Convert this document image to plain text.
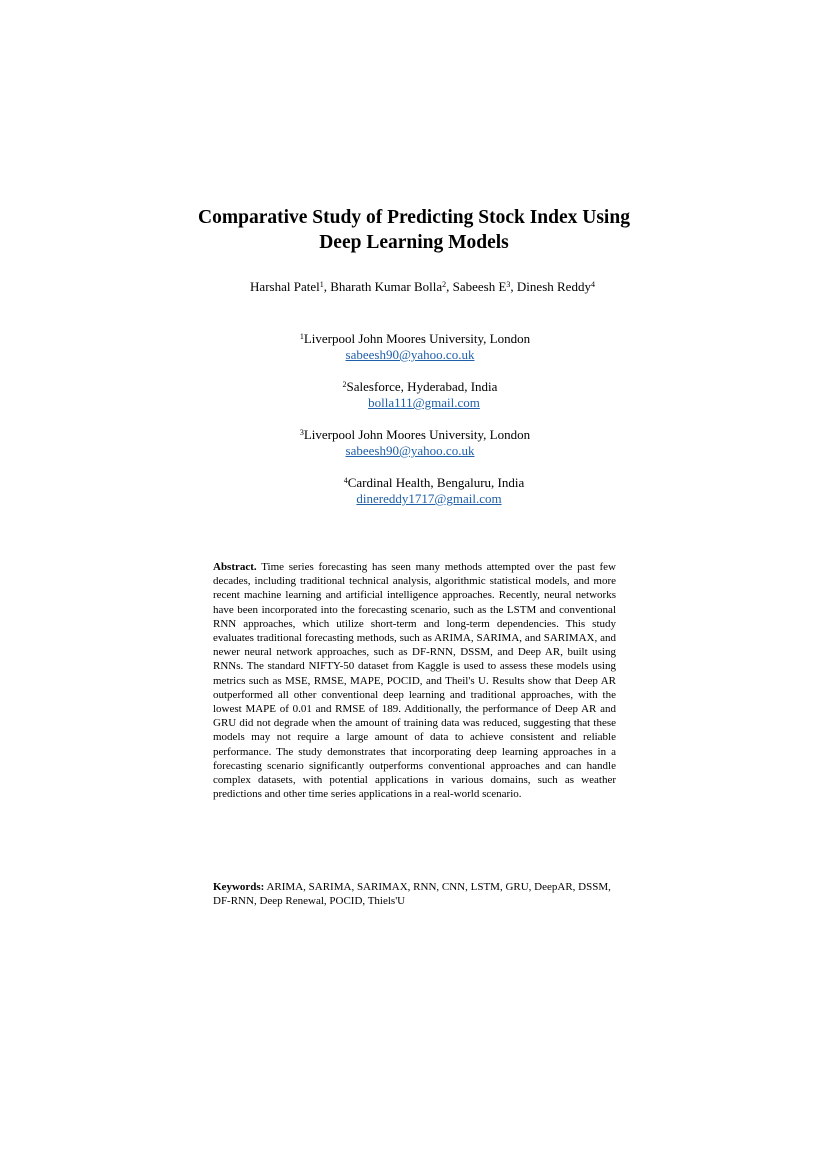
Comparative Study of Predicting Stock Index Using
Deep Learning Models
Harshal Patel$^1$, Bharath Kumar Bolla$^2$, Sabeesh $E^3$, Dinesh Reddy$^4$
$^1$Liverpool John Moores University, London
sabeesh90@yahoo.co.uk
$^2$Salesforce, Hyderabad, India
bolla111@gmail.com
$^3$Liverpool John Moores University, London
sabeesh90@yahoo.co.uk
$^4$Cardinal Health, Bengaluru, India
dinereddy1717@gmail.com
Abstract. Time series forecasting has seen many methods attempted over the past few decades, including traditional technical analysis, algorithmic statistical models, and more recent machine learning and artificial intelligence approaches. Recently, neural networks have been incorporated into the forecasting scenario, such as the LSTM and conventional RNN approaches, which utilize short-term and long-term dependencies. This study evaluates traditional forecasting methods, such as ARIMA, SARIMA, and SARIMAX, and newer neural network approaches, such as DF-RNN, DSSM, and Deep AR, built using RNNs. The standard NIFTY-50 dataset from Kaggle is used to assess these models using metrics such as MSE, RMSE, MAPE, POCID, and Theil's U. Results show that Deep AR outperformed all other conventional deep learning and traditional approaches, with the lowest MAPE of 0.01 and RMSE of 189. Additionally, the performance of Deep AR and GRU did not degrade when the amount of training data was reduced, suggesting that these models may not require a large amount of data to achieve consistent and reliable performance. The study demonstrates that incorporating deep learning approaches in a forecasting scenario significantly outperforms conventional approaches and can handle complex datasets, with potential applications in various domains, such as weather predictions and other time series applications in a real-world scenario.
Keywords: ARIMA, SARIMA, SARIMAX, RNN, CNN, LSTM, GRU, DeepAR, DSSM, DF-RNN, Deep Renewal, POCID, Thiels'U
